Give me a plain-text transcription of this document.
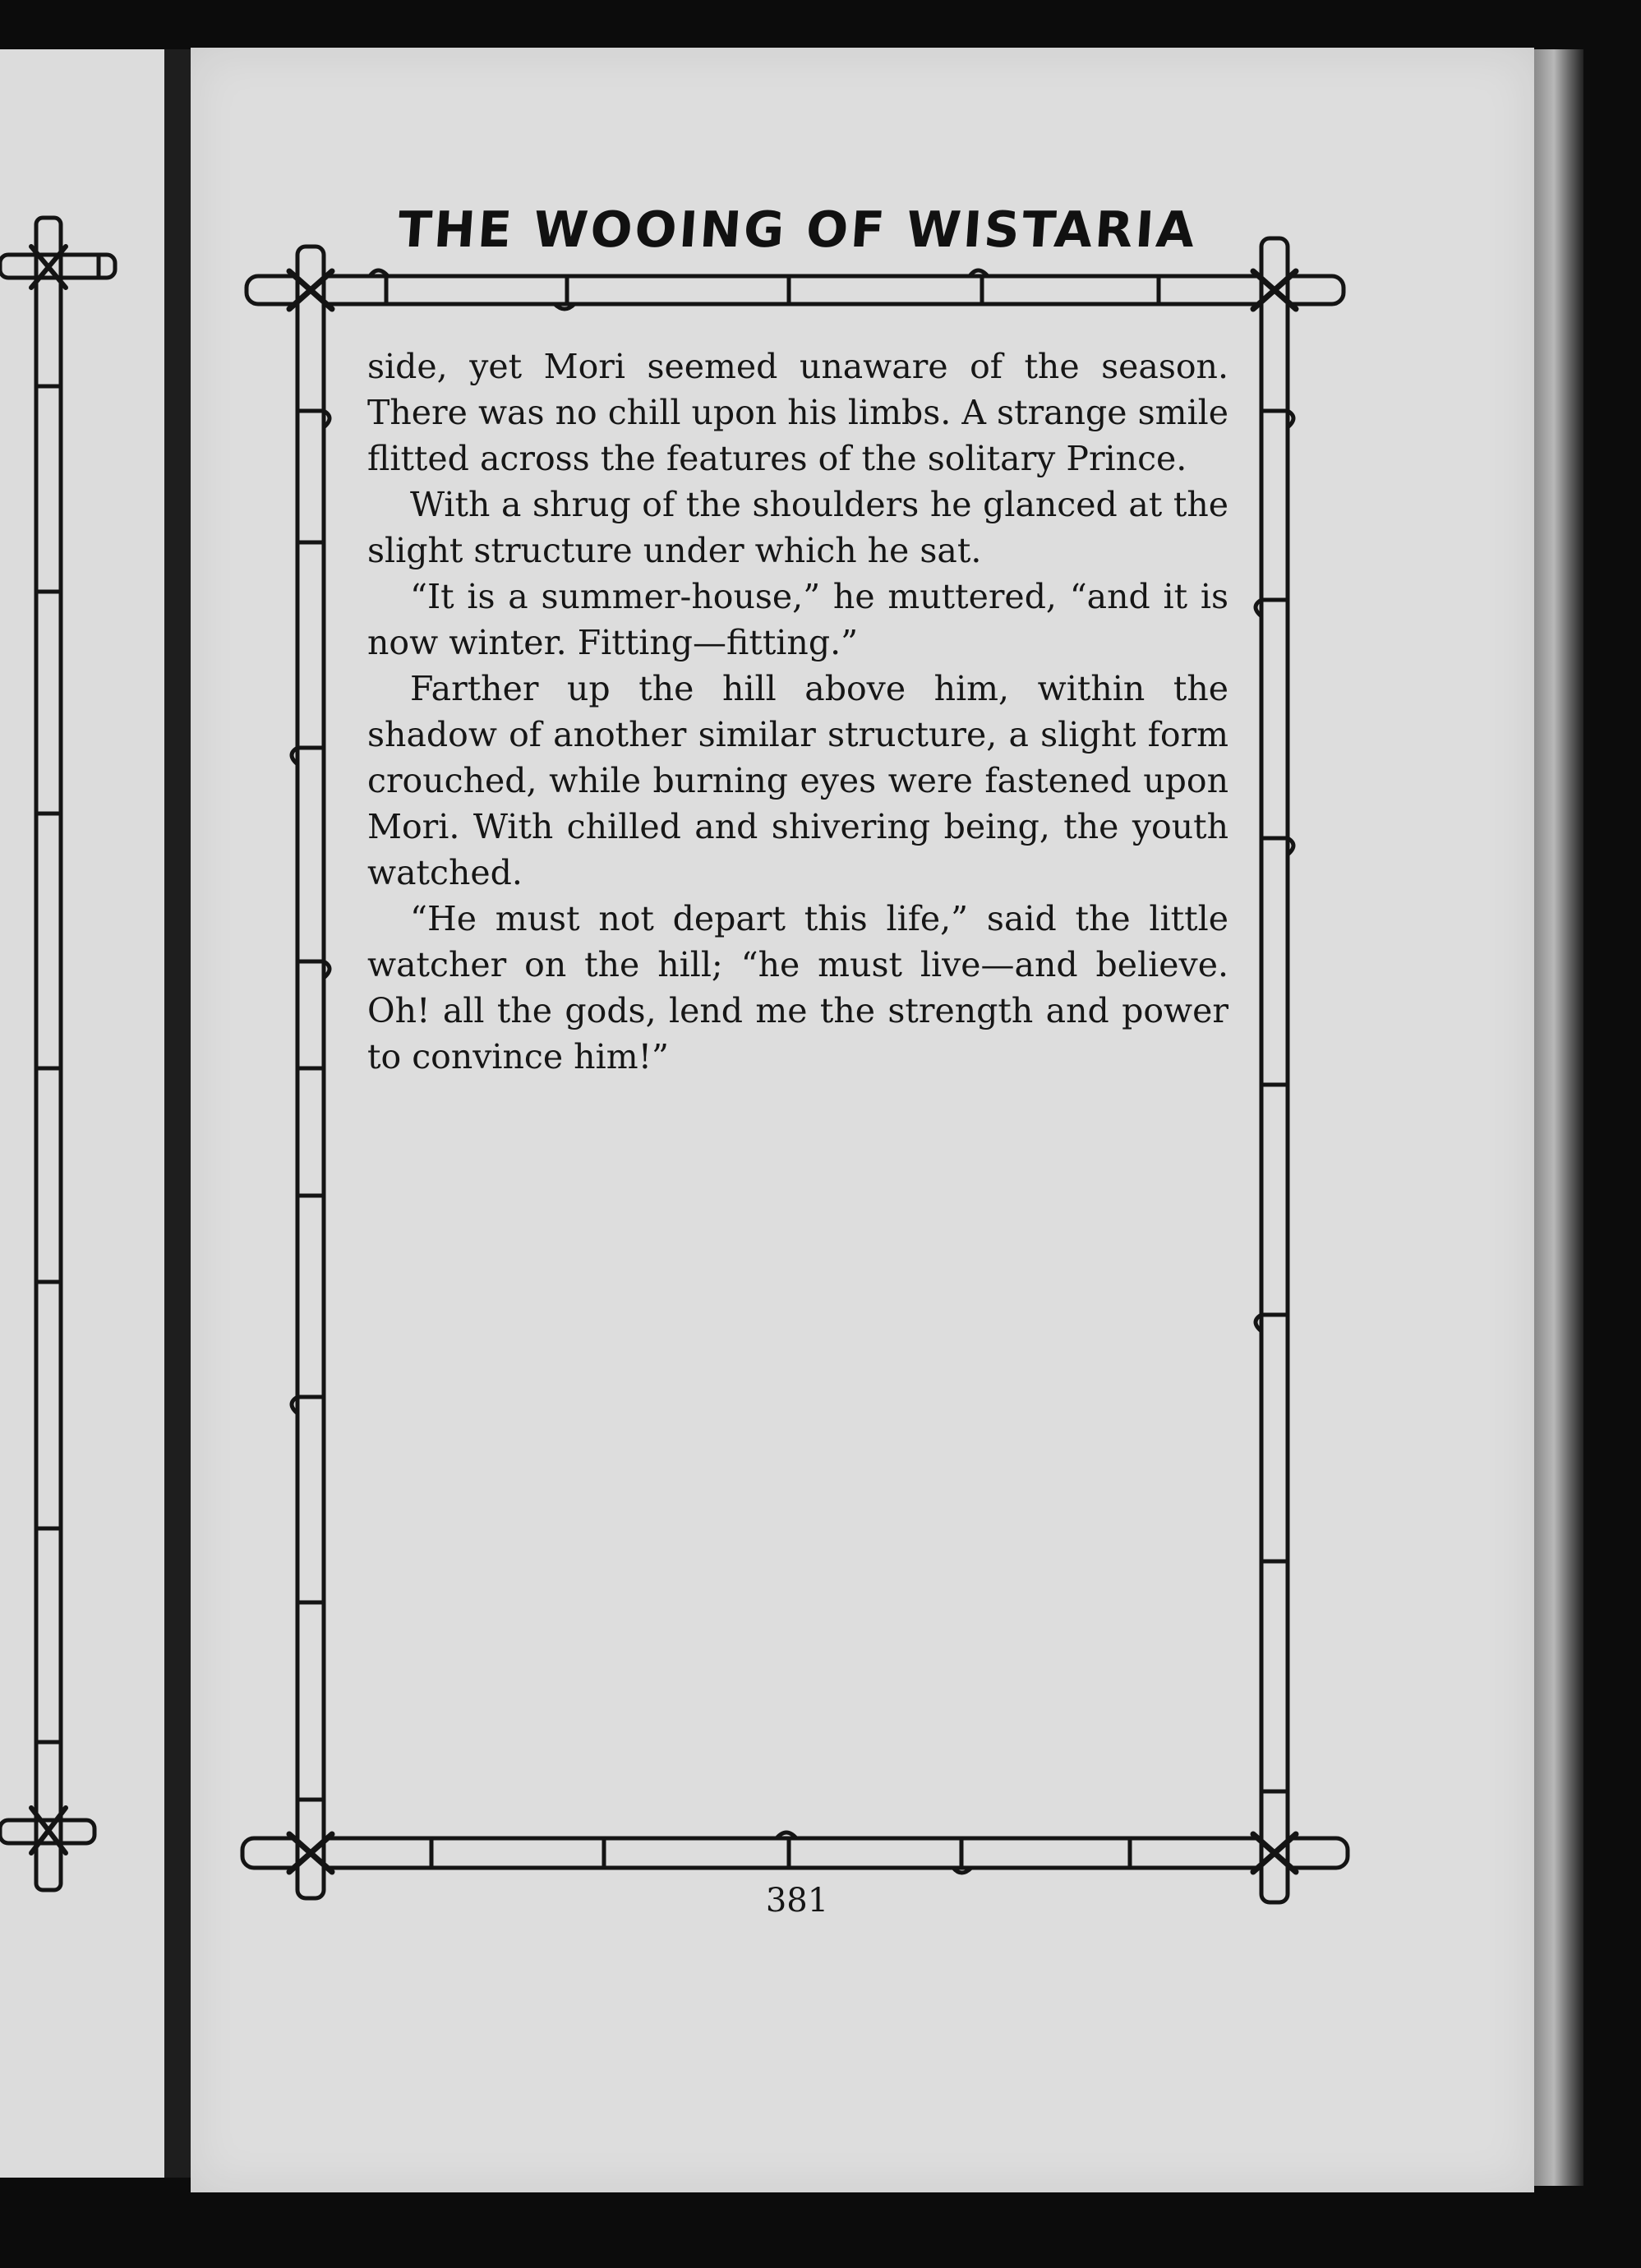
THE WOOING OF WISTARIA

side, yet Mori seemed unaware of the season. There was no chill upon his limbs. A strange smile flitted across the features of the solitary Prince.

With a shrug of the shoulders he glanced at the slight structure under which he sat.

“It is a summer-house,” he muttered, “and it is now winter. Fitting—fitting.”

Farther up the hill above him, within the shadow of another similar structure, a slight form crouched, while burning eyes were fastened upon Mori. With chilled and shivering being, the youth watched.

“He must not depart this life,” said the little watcher on the hill; “he must live—and believe. Oh! all the gods, lend me the strength and power to convince him!”

381
